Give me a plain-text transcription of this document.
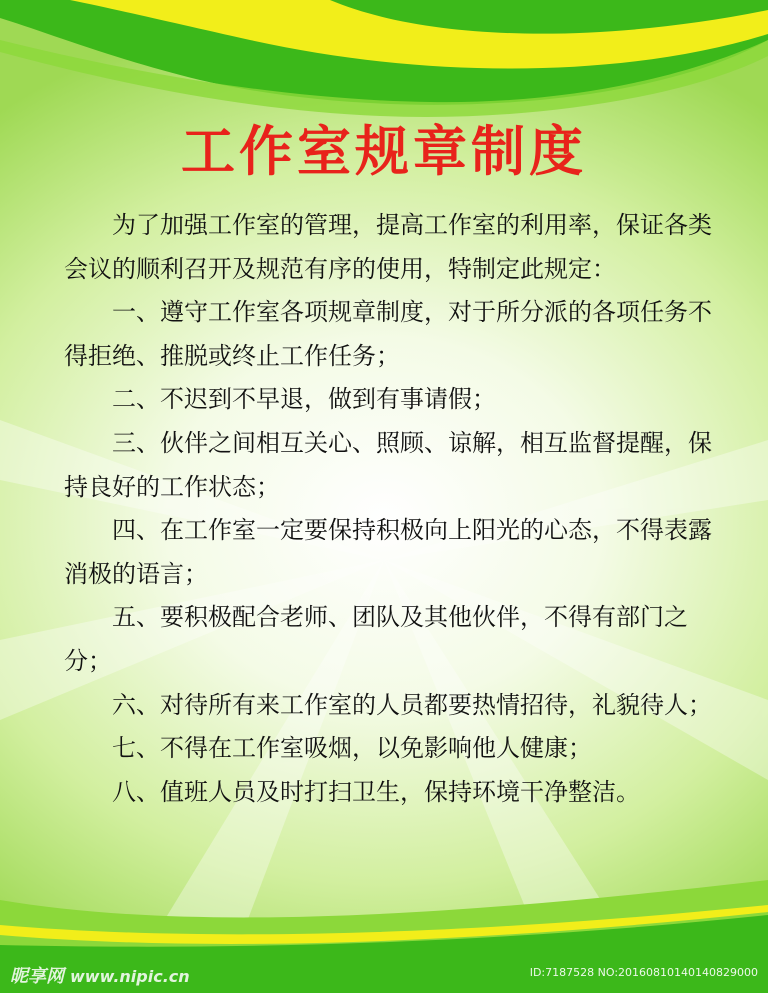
工作室规章制度

为了加强工作室的管理，提高工作室的利用率，保证各类会议的顺利召开及规范有序的使用，特制定此规定：

一、遵守工作室各项规章制度，对于所分派的各项任务不得拒绝、推脱或终止工作任务；

二、不迟到不早退，做到有事请假；

三、伙伴之间相互关心、照顾、谅解，相互监督提醒，保持良好的工作状态；

四、在工作室一定要保持积极向上阳光的心态，不得表露消极的语言；

五、要积极配合老师、团队及其他伙伴，不得有部门之分；

六、对待所有来工作室的人员都要热情招待，礼貌待人；

七、不得在工作室吸烟，以免影响他人健康；

八、值班人员及时打扫卫生，保持环境干净整洁。

昵享网 www.nipic.cn	ID:7187528 NO:20160810140140829000
